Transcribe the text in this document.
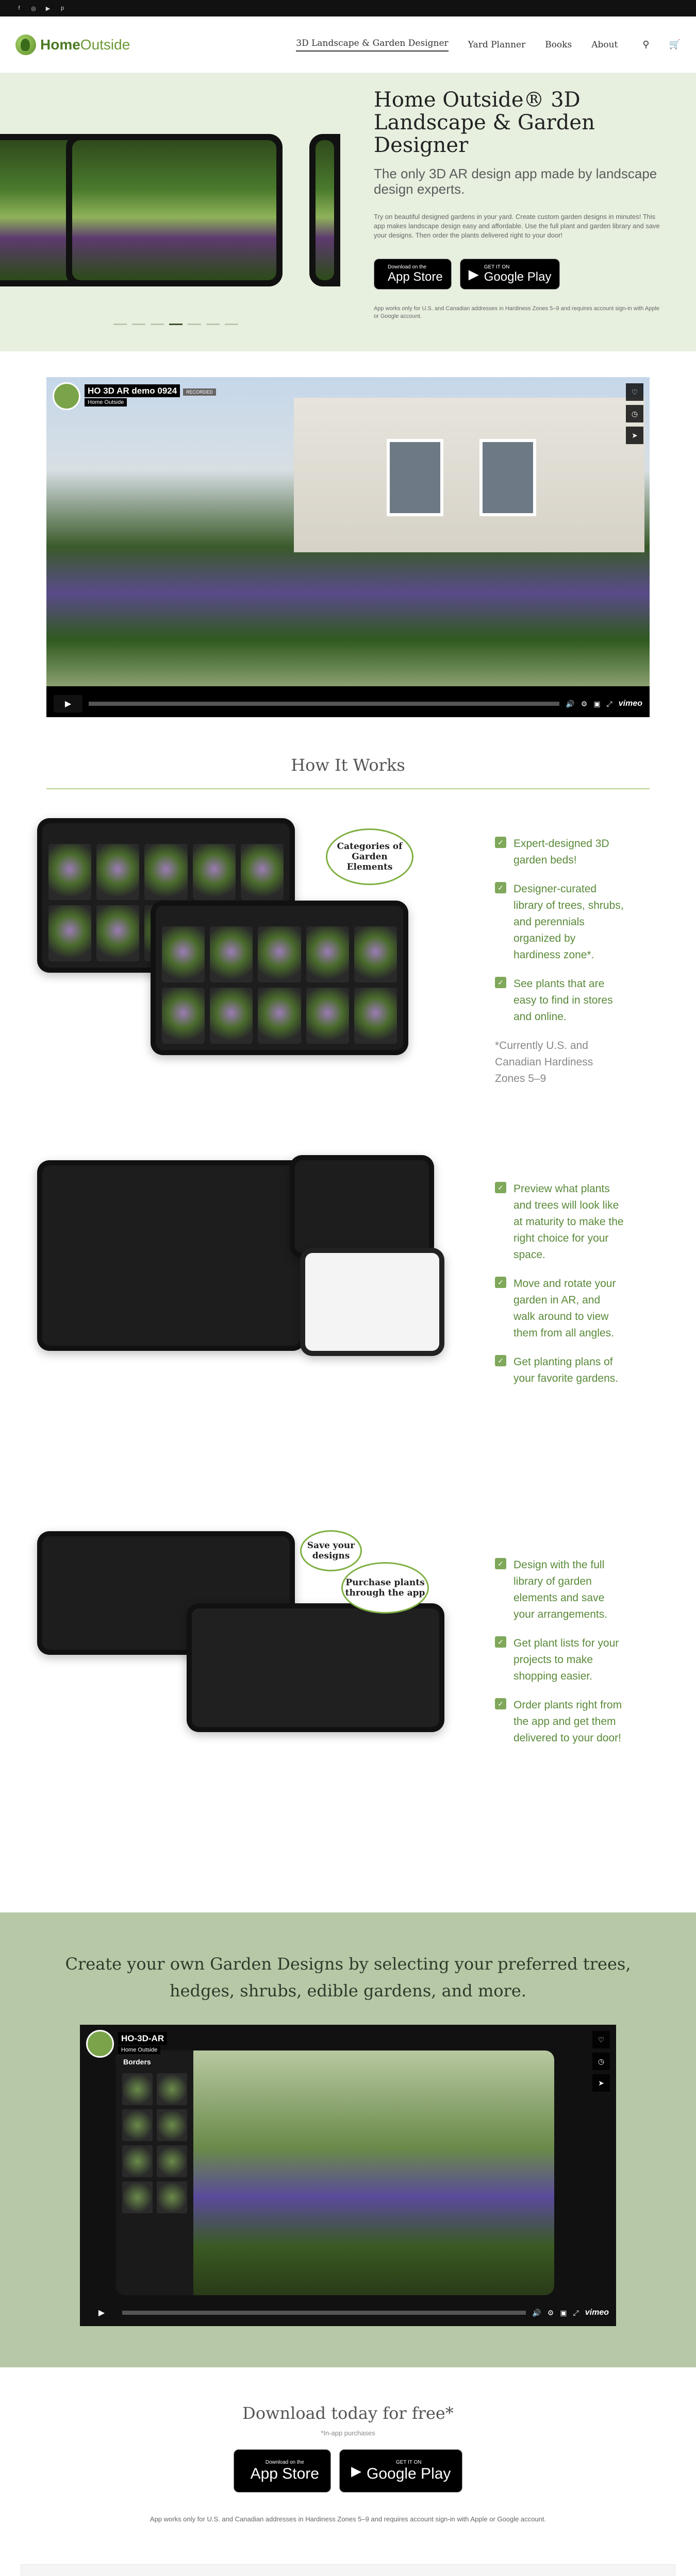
f	◎ ▶	p
HomeOutside	3D Landscape & Garden Designer Yard Planner Books About	⚲ 🛒
Home Outside® 3D Landscape & Garden Designer
The only 3D AR design app made by landscape design experts.
Try on beautiful designed gardens in your yard. Create custom garden designs in minutes! This app makes landscape design easy and affordable. Use the full plant and garden library and save your designs. Then order the plants delivered right to your door!
Download on the
App Store ▶ GET IT ON
Google Play
App works only for U.S. and Canadian addresses in Hardiness Zones 5–9 and requires account sign-in with Apple or Google account.
HO 3D AR demo 0924 RECORDED
Home Outside
♡
◷
➤
▶	🔊 ⚙ ▣ ⤢ vimeo
How It Works
Categories of Garden Elements
✓ Expert-designed 3D garden beds!
✓ Designer-curated library of trees, shrubs, and perennials organized by hardiness zone*.
✓ See plants that are easy to find in stores and online.
*Currently U.S. and Canadian Hardiness Zones 5–9
✓ Preview what plants and trees will look like at maturity to make the right choice for your space.
✓ Move and rotate your garden in AR, and walk around to view them from all angles.
✓ Get planting plans of your favorite gardens.
Save your designs
Purchase plants through the app
✓ Design with the full library of garden elements and save your arrangements.
✓ Get plant lists for your projects to make shopping easier.
✓ Order plants right from the app and get them delivered to your door!
Create your own Garden Designs by selecting your preferred trees, hedges, shrubs, edible gardens, and more.
Borders
HO-3D-AR
Home Outside
♡
◷
➤
▶	🔊 ⚙ ▣ ⤢ vimeo
Download today for free*
*In-app purchases
Download on the
App Store ▶
GET IT ON
Google Play
App works only for U.S. and Canadian addresses in Hardiness Zones 5–9 and requires account sign-in with Apple or Google account.
